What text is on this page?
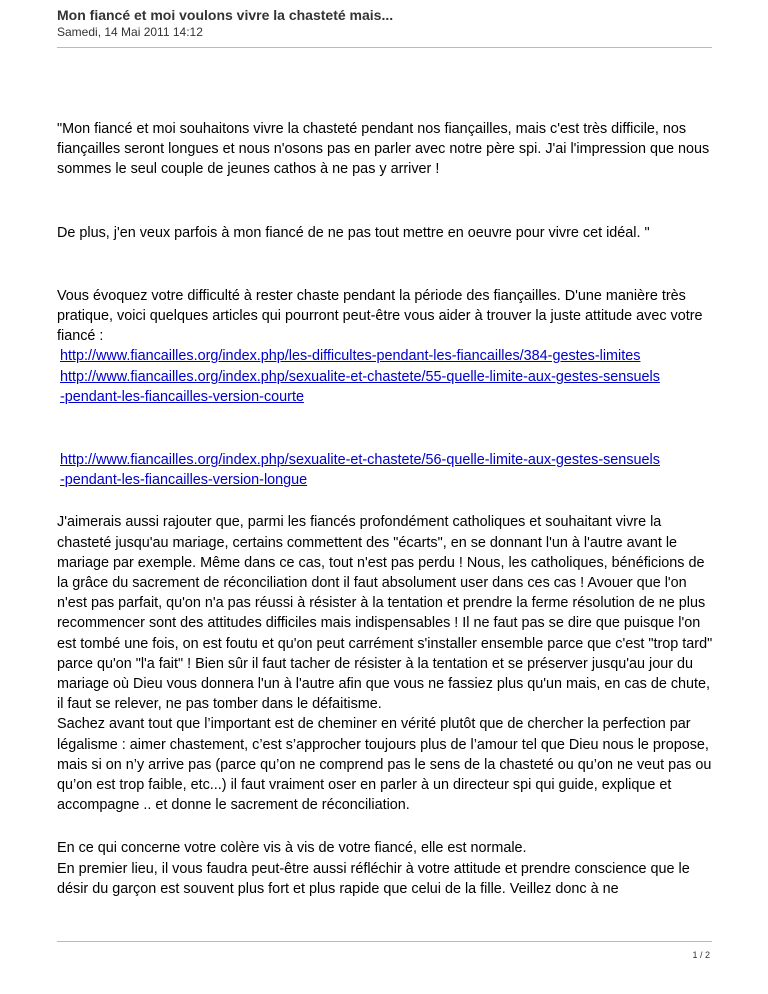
Mon fiancé et moi voulons vivre la chasteté mais...
Samedi, 14 Mai 2011 14:12

"Mon fiancé et moi souhaitons vivre la chasteté pendant nos fiançailles, mais c'est très difficile, nos fiançailles seront longues et nous n'osons pas en parler avec notre père spi. J'ai l'impression que nous sommes le seul couple de jeunes cathos à ne pas y arriver !

De plus, j'en veux parfois à mon fiancé de ne pas tout mettre en oeuvre pour vivre cet idéal. "

Vous évoquez votre difficulté à rester chaste pendant la période des fiançailles. D'une manière très pratique, voici quelques articles qui pourront peut-être vous aider à trouver la juste attitude avec votre fiancé :

http://www.fiancailles.org/index.php/les-difficultes-pendant-les-fiancailles/384-gestes-limites
http://www.fiancailles.org/index.php/sexualite-et-chastete/55-quelle-limite-aux-gestes-sensuels
-pendant-les-fiancailles-version-courte
http://www.fiancailles.org/index.php/sexualite-et-chastete/56-quelle-limite-aux-gestes-sensuels
-pendant-les-fiancailles-version-longue

J'aimerais aussi rajouter que, parmi les fiancés profondément catholiques et souhaitant vivre la chasteté jusqu'au mariage, certains commettent des "écarts", en se donnant l'un à l'autre avant le mariage par exemple. Même dans ce cas, tout n'est pas perdu ! Nous, les catholiques, bénéficions de la grâce du sacrement de réconciliation dont il faut absolument user dans ces cas ! Avouer que l'on n'est pas parfait, qu'on n'a pas réussi à résister à la tentation et prendre la ferme résolution de ne plus recommencer sont des attitudes difficiles mais indispensables ! Il ne faut pas se dire que puisque l'on est tombé une fois, on est foutu et qu'on peut carrément s'installer ensemble parce que c'est "trop tard" parce qu'on "l'a fait" ! Bien sûr il faut tacher de résister à la tentation et se préserver jusqu'au jour du mariage où Dieu vous donnera l'un à l'autre afin que vous ne fassiez plus qu'un mais, en cas de chute, il faut se relever, ne pas tomber dans le défaitisme.

Sachez avant tout que l’important est de cheminer en vérité plutôt que de chercher la perfection par légalisme : aimer chastement, c’est s’approcher toujours plus de l’amour tel que Dieu nous le propose, mais si on n’y arrive pas (parce qu’on ne comprend pas le sens de la chasteté ou qu’on ne veut pas ou qu’on est trop faible, etc...) il faut vraiment oser en parler à un directeur spi qui guide, explique et accompagne .. et donne le sacrement de réconciliation.

En ce qui concerne votre colère vis à vis de votre fiancé, elle est normale.

En premier lieu, il vous faudra peut-être aussi réfléchir à votre attitude et prendre conscience que le désir du garçon est souvent plus fort et plus rapide que celui de la fille. Veillez donc à ne

1 / 2
